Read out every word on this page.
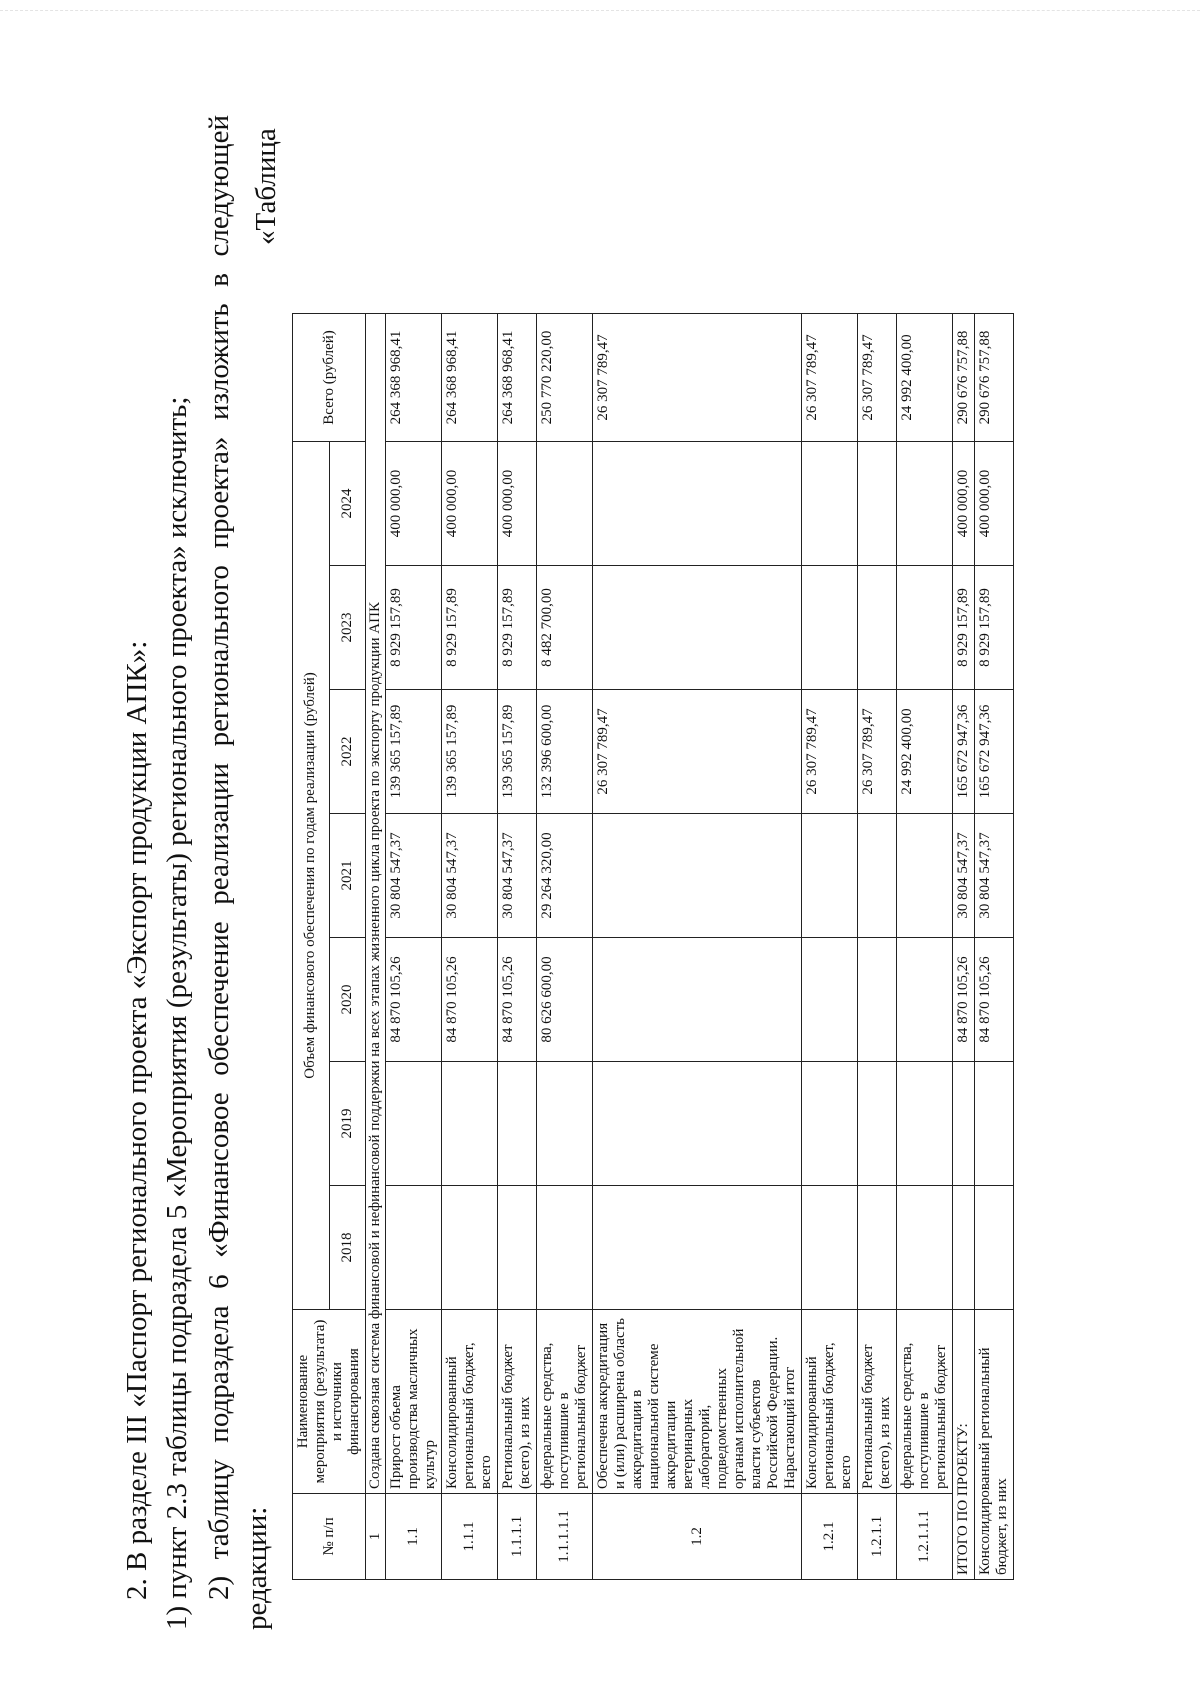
2. В разделе III «Паспорт регионального проекта «Экспорт продукции АПК»: 1) пункт 2.3 таблицы подраздела 5 «Мероприятия (результаты) регионального проекта» исключить; 2) таблицу подраздела 6 «Финансовое обеспечение реализации регионального проекта» изложить в следующей редакции:
«Таблица
№ п/п	Наименование мероприятия (результата) и источники финансирования	Объем финансового обеспечения по годам реализации (рублей)							Всего (рублей)
		2018	2019	2020	2021	2022	2023	2024	
1	Создана сквозная система финансовой и нефинансовой поддержки на всех этапах жизненного цикла проекта по экспорту продукции АПК								
1.1	Прирост объема производства масличных культур			84 870 105,26	30 804 547,37	139 365 157,89	8 929 157,89	400 000,00	264 368 968,41
1.1.1	Консолидированный региональный бюджет, всего			84 870 105,26	30 804 547,37	139 365 157,89	8 929 157,89	400 000,00	264 368 968,41
1.1.1.1	Региональный бюджет (всего), из них			84 870 105,26	30 804 547,37	139 365 157,89	8 929 157,89	400 000,00	264 368 968,41
1.1.1.1.1	федеральные средства, поступившие в региональный бюджет			80 626 600,00	29 264 320,00	132 396 600,00	8 482 700,00		250 770 220,00
1.2	Обеспечена аккредитация и (или) расширена область аккредитации в национальной системе аккредитации ветеринарных лабораторий, подведомственных органам исполнительной власти субъектов Российской Федерации. Нарастающий итог					26 307 789,47			26 307 789,47
1.2.1	Консолидированный региональный бюджет, всего					26 307 789,47			26 307 789,47
1.2.1.1	Региональный бюджет (всего), из них					26 307 789,47			26 307 789,47
1.2.1.1.1	федеральные средства, поступившие в региональный бюджет					24 992 400,00			24 992 400,00
ИТОГО ПО ПРОЕКТУ:				84 870 105,26	30 804 547,37	165 672 947,36	8 929 157,89	400 000,00	290 676 757,88
Консолидированный региональный бюджет, из них				84 870 105,26	30 804 547,37	165 672 947,36	8 929 157,89	400 000,00	290 676 757,88
